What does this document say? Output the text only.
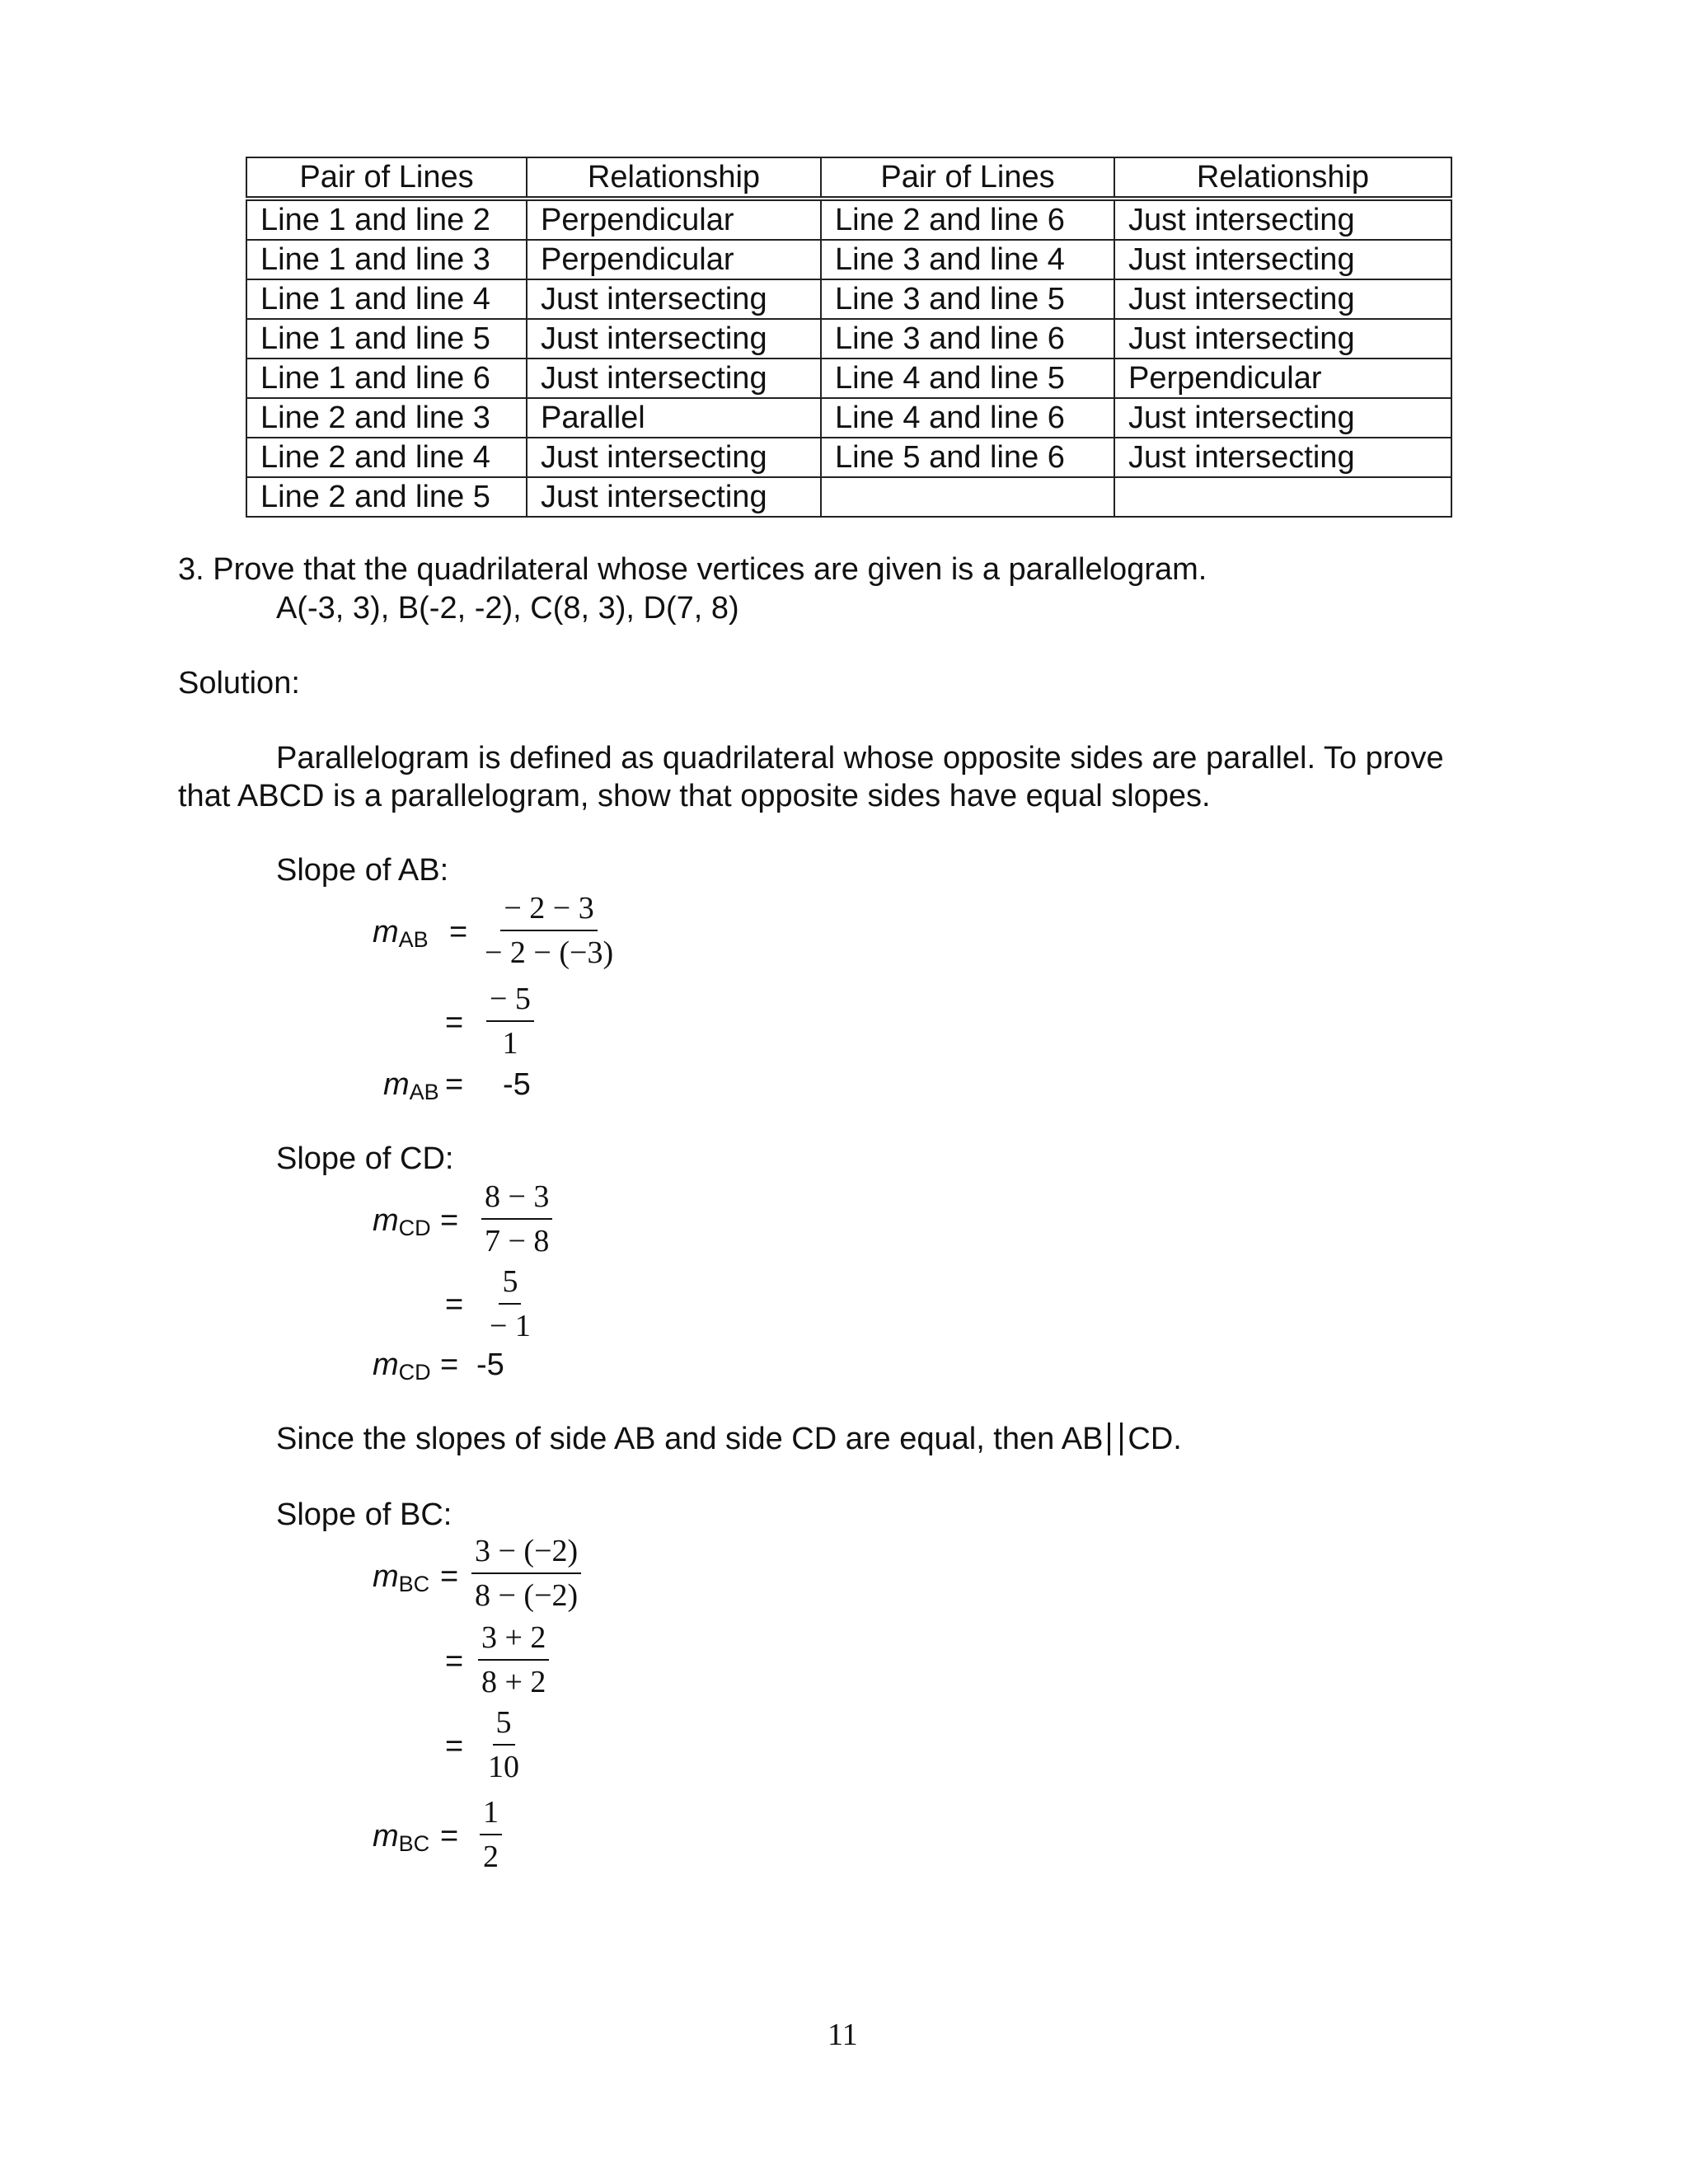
Pair of Lines	Relationship	Pair of Lines	Relationship
Line 1 and line 2	Perpendicular	Line 2 and line 6	Just intersecting
Line 1 and line 3	Perpendicular	Line 3 and line 4	Just intersecting
Line 1 and line 4	Just intersecting	Line 3 and line 5	Just intersecting
Line 1 and line 5	Just intersecting	Line 3 and line 6	Just intersecting
Line 1 and line 6	Just intersecting	Line 4 and line 5	Perpendicular
Line 2 and line 3	Parallel	Line 4 and line 6	Just intersecting
Line 2 and line 4	Just intersecting	Line 5 and line 6	Just intersecting
Line 2 and line 5	Just intersecting		
3. Prove that the quadrilateral whose vertices are given is a parallelogram.
A(-3, 3), B(-2, -2), C(8, 3), D(7, 8)
Solution:
Parallelogram is defined as quadrilateral whose opposite sides are parallel. To prove
that ABCD is a parallelogram, show that opposite sides have equal slopes.
Slope of AB:
mAB = $\frac{- 2 - 3}{- 2 - (-3)}$
= $\frac{- 5}{1}$
mAB = -5
Slope of CD:
mCD = $\frac{8 - 3}{7 - 8}$
= $\frac{5}{- 1}$
mCD = -5
Since the slopes of side AB and side CD are equal, then AB CD.
Slope of BC:
mBC = $\frac{3 - (-2)}{8 - (-2)}$
= $\frac{3 + 2}{8 + 2}$
= $\frac{5}{10}$
mBC = $\frac{1}{2}$
11
